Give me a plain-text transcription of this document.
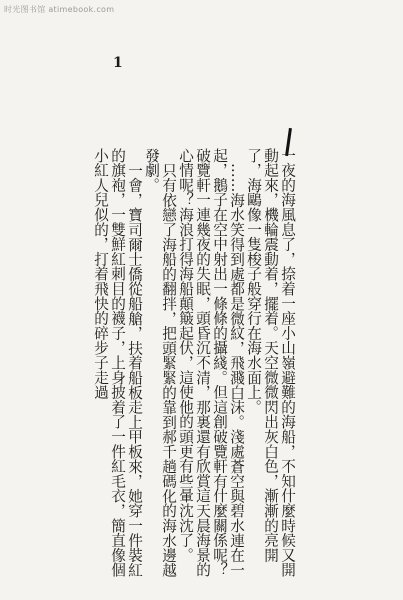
时光图书馆 atimebook.com
1

一夜的海風息了，捺着一座小山嶺避難的海船，不知什麼時候又開動起來，機輪震動着，擺着。天空微微閃出灰白色，漸漸的亮開了，海鷗像一隻梭子般穿行在海水面上。

……海水笑得到處都是微紋，飛濺白沫。淺處蒼空與碧水連在一起，鵝子在空中射出一條條的攝綫。但這創破覽軒有什麼關係呢？破覽軒一連幾夜的失眠，頭昏沉不清，那裏還有欣賞這天晨海景的心情呢？海浪打得海船顛簸起伏，這使他的頭更有些暈沈沈了。

只有依戀了海船的翻拌，把頭緊緊的靠到郝千趟碼化的海水邊越發劇。

一會，寶司爾士僑從船艙，扶着船板走上甲板來，她穿一件裝紅的旗袍，一雙鮮紅刺目的襪子，上身披着了一件紅毛衣，簡直像個小紅人兒似的，打着飛快的碎步子走過
